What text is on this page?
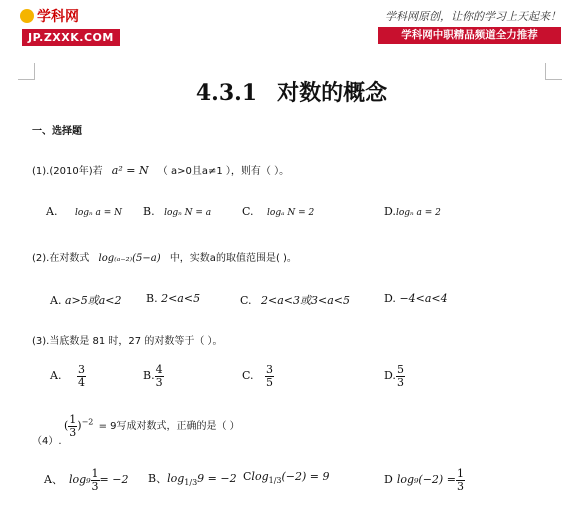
学科网
JP.ZXXK.COM
学科网原创，让你的学习上天起来！
学科网中职精品频道全力推荐
4.3.1 对数的概念
一、选择题
(1).(2010年)若 a² = N （ a>0且a≠1 ），则有（ ）。
A. logₙ a = N B. logₙ N = a	C. logₐ N = 2	D.logₙ a = 2
(2).在对数式 log₍ₐ₋₂₎(5−a) 中，实数a的取值范围是( )。
A. a>5或a<2 B. 2<a<5	C. 2<a<3或3<a<5	D. −4<a<4
(3).当底数是 81 时，27 的对数等于（ ）。
A. $\frac{3}{4}$	B. $\frac{4}{3}$	C. $\frac{3}{5}$	D. $\frac{5}{3}$
（4）.
( $\frac{1}{3} )^{-2} = 9$写成对数式，正确的是（ ）
A、 $\log_9 \frac{1}{3} = -2$ B、$\log_{1/3}9 = -2$ Clog$_{1/3}$(−2) = 9	D $\log_9(-2) = \frac{1}{3}$
